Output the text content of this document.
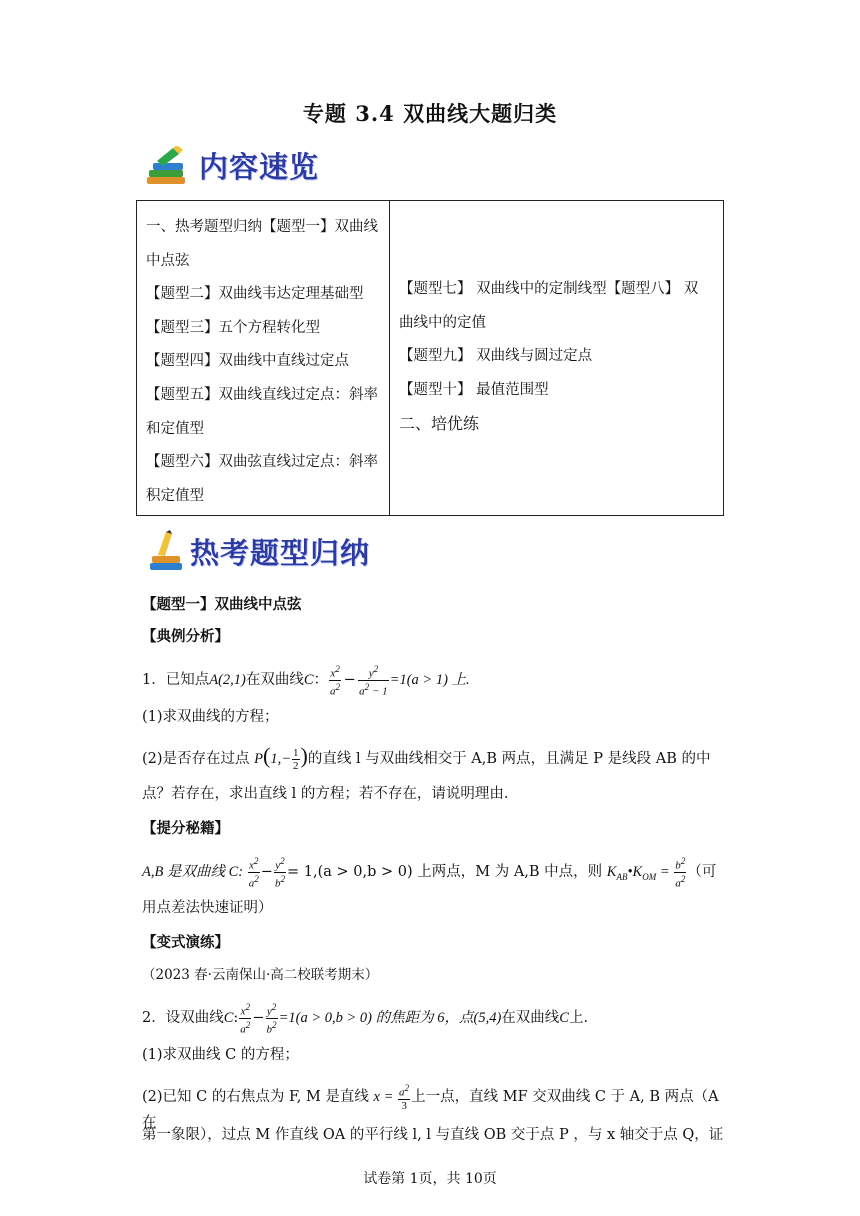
专题 3.4 双曲线大题归类
内容速览

一、热考题型归纳【题型一】双曲线

中点弦

【题型二】双曲线韦达定理基础型

【题型三】五个方程转化型

【题型四】双曲线中直线过定点

【题型五】双曲线直线过定点：斜率

和定值型

【题型六】双曲弦直线过定点：斜率

积定值型

【题型七】 双曲线中的定制线型【题型八】 双

曲线中的定值

【题型九】 双曲线与圆过定点

【题型十】 最值范围型

二、培优练

热考题型归纳
【题型一】双曲线中点弦
【典例分析】
1．已知点A(2,1)在双曲线C： $\frac{x^2}{a^2}$  −  $\frac{y^2}{a^2 - 1} =1(a > 1)$ 上.
(1)求双曲线的方程；
(2)是否存在过点 $P(1,- \frac{1}{2}$ )的直线 l 与双曲线相交于 A,B 两点，且满足 P 是线段 AB 的中
点？若存在，求出直线 l 的方程；若不存在，请说明理由.
【提分秘籍】
A,B 是双曲线 C: $\frac{x^2}{a^2} - \frac{y^2}{b^2} = 1,(a > 0,b > 0)$ 上两点，M 为 A,B 中点，则 $K_{AB}•K_{OM} = \frac{b^2}{a^2}$ （可
用点差法快速证明）
【变式演练】
（2023 春·云南保山·高二校联考期末）
2．设双曲线C: $\frac{x^2}{a^2} - \frac{y^2}{b^2} =1(a > 0,b > 0)$ 的焦距为 6，点(5,4)在双曲线C上.
(1)求双曲线 C 的方程；
(2)已知 C 的右焦点为 F, M 是直线 $x = \frac{a^2}{3}$ 上一点，直线 MF 交双曲线 C 于 A, B 两点（A 在
第一象限），过点 M 作直线 OA 的平行线 l, l 与直线 OB 交于点 P ，与 x 轴交于点 Q，证
试卷第 1页，共 10页
